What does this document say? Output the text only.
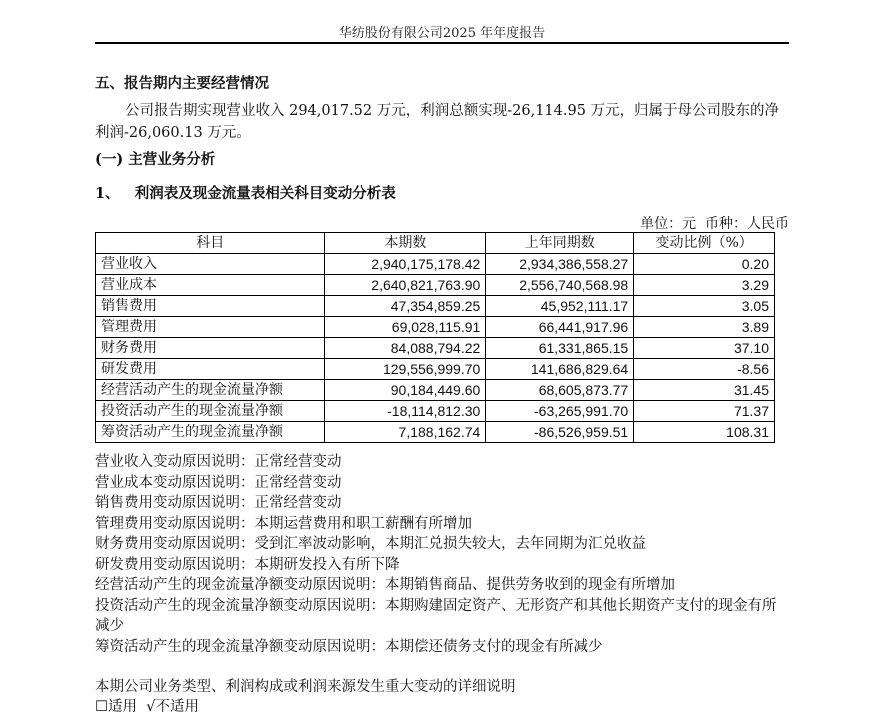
华纺股份有限公司2025 年年度报告
五、报告期内主要经营情况
公司报告期实现营业收入 294,017.52 万元，利润总额实现-26,114.95 万元，归属于母公司股东的净利润-26,060.13 万元。
(一) 主营业务分析
1、   利润表及现金流量表相关科目变动分析表
单位：元  币种：人民币
科目	本期数	上年同期数	变动比例（%）
营业收入	2,940,175,178.42	2,934,386,558.27	0.20
营业成本	2,640,821,763.90	2,556,740,568.98	3.29
销售费用	47,354,859.25	45,952,111.17	3.05
管理费用	69,028,115.91	66,441,917.96	3.89
财务费用	84,088,794.22	61,331,865.15	37.10
研发费用	129,556,999.70	141,686,829.64	-8.56
经营活动产生的现金流量净额	90,184,449.60	68,605,873.77	31.45
投资活动产生的现金流量净额	-18,114,812.30	-63,265,991.70	71.37
筹资活动产生的现金流量净额	7,188,162.74	-86,526,959.51	108.31
营业收入变动原因说明：正常经营变动
营业成本变动原因说明：正常经营变动
销售费用变动原因说明：正常经营变动
管理费用变动原因说明：本期运营费用和职工薪酬有所增加
财务费用变动原因说明：受到汇率波动影响，本期汇兑损失较大，去年同期为汇兑收益
研发费用变动原因说明：本期研发投入有所下降
经营活动产生的现金流量净额变动原因说明：本期销售商品、提供劳务收到的现金有所增加
投资活动产生的现金流量净额变动原因说明：本期购建固定资产、无形资产和其他长期资产支付的现金有所减少
筹资活动产生的现金流量净额变动原因说明：本期偿还债务支付的现金有所减少
本期公司业务类型、利润构成或利润来源发生重大变动的详细说明
☐适用  √不适用
